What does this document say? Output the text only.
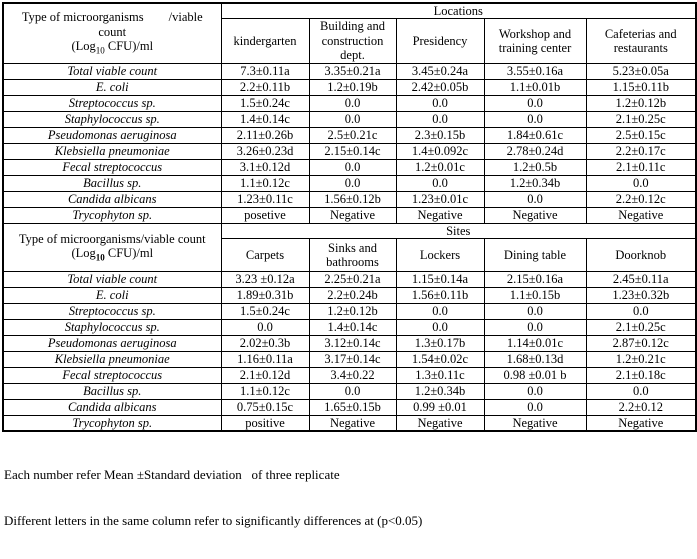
Type of microorganisms        /viable
count
(Log$_{10}$ CFU)/ml	Locations				
	kindergarten	Building and construction dept.	Presidency	Workshop and training center	Cafeterias and restaurants
Total viable count	7.3±0.11a	3.35±0.21a	3.45±0.24a	3.55±0.16a	5.23±0.05a
E. coli	2.2±0.11b	1.2±0.19b	2.42±0.05b	1.1±0.01b	1.15±0.11b
Streptococcus sp.	1.5±0.24c	0.0	0.0	0.0	1.2±0.12b
Staphylococcus sp.	1.4±0.14c	0.0	0.0	0.0	2.1±0.25c
Pseudomonas aeruginosa	2.11±0.26b	2.5±0.21c	2.3±0.15b	1.84±0.61c	2.5±0.15c
Klebsiella pneumoniae	3.26±0.23d	2.15±0.14c	1.4±0.092c	2.78±0.24d	2.2±0.17c
Fecal streptococcus	3.1±0.12d	0.0	1.2±0.01c	1.2±0.5b	2.1±0.11c
Bacillus sp.	1.1±0.12c	0.0	0.0	1.2±0.34b	0.0
Candida albicans	1.23±0.11c	1.56±0.12b	1.23±0.01c	0.0	2.2±0.12c
Trycophyton sp.	posetive	Negative	Negative	Negative	Negative
Type of microorganisms/viable count
(Log$_{10}$ CFU)/ml	Sites				
	Carpets	Sinks and bathrooms	Lockers	Dining table	Doorknob
Total viable count	3.23 ±0.12a	2.25±0.21a	1.15±0.14a	2.15±0.16a	2.45±0.11a
E. coli	1.89±0.31b	2.2±0.24b	1.56±0.11b	1.1±0.15b	1.23±0.32b
Streptococcus sp.	1.5±0.24c	1.2±0.12b	0.0	0.0	0.0
Staphylococcus sp.	0.0	1.4±0.14c	0.0	0.0	2.1±0.25c
Pseudomonas aeruginosa	2.02±0.3b	3.12±0.14c	1.3±0.17b	1.14±0.01c	2.87±0.12c
Klebsiella pneumoniae	1.16±0.11a	3.17±0.14c	1.54±0.02c	1.68±0.13d	1.2±0.21c
Fecal streptococcus	2.1±0.12d	3.4±0.22	1.3±0.11c	0.98 ±0.01 b	2.1±0.18c
Bacillus sp.	1.1±0.12c	0.0	1.2±0.34b	0.0	0.0
Candida albicans	0.75±0.15c	1.65±0.15b	0.99 ±0.01	0.0	2.2±0.12
Trycophyton sp.	positive	Negative	Negative	Negative	Negative

Each number refer Mean ±Standard deviation   of three replicate

Different letters in the same column refer to significantly differences at (p<0.05)
